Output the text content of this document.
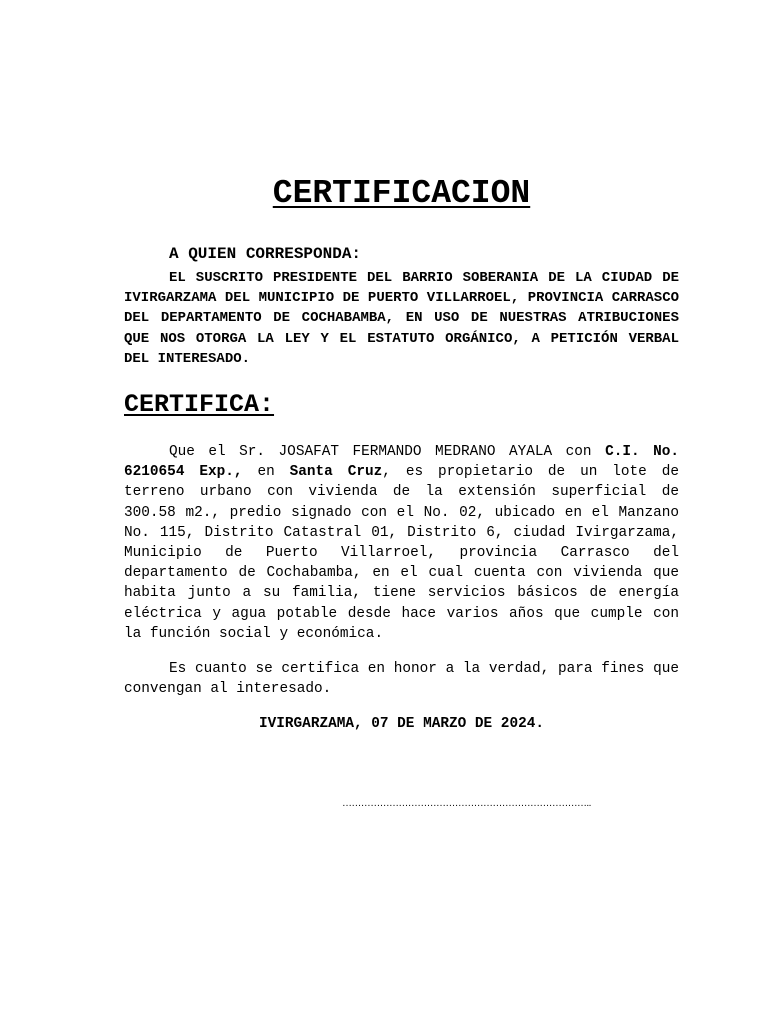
CERTIFICACION
A QUIEN CORRESPONDA:
EL SUSCRITO PRESIDENTE DEL BARRIO SOBERANIA DE LA CIUDAD DE IVIRGARZAMA DEL MUNICIPIO DE PUERTO VILLARROEL, PROVINCIA CARRASCO DEL DEPARTAMENTO DE COCHABAMBA, EN USO DE NUESTRAS ATRIBUCIONES QUE NOS OTORGA LA LEY Y EL ESTATUTO ORGÁNICO, A PETICIÓN VERBAL DEL INTERESADO.
CERTIFICA:
Que el Sr. JOSAFAT FERMANDO MEDRANO AYALA con C.I. No. 6210654 Exp., en Santa Cruz, es propietario de un lote de terreno urbano con vivienda de la extensión superficial de 300.58 m2., predio signado con el No. 02, ubicado en el Manzano No. 115, Distrito Catastral 01, Distrito 6, ciudad Ivirgarzama, Municipio de Puerto Villarroel, provincia Carrasco del departamento de Cochabamba, en el cual cuenta con vivienda que habita junto a su familia, tiene servicios básicos de energía eléctrica y agua potable desde hace varios años que cumple con la función social y económica.
Es cuanto se certifica en honor a la verdad, para fines que convengan al interesado.
IVIRGARZAMA, 07 DE MARZO DE 2024.
……………………………………………………………………..
